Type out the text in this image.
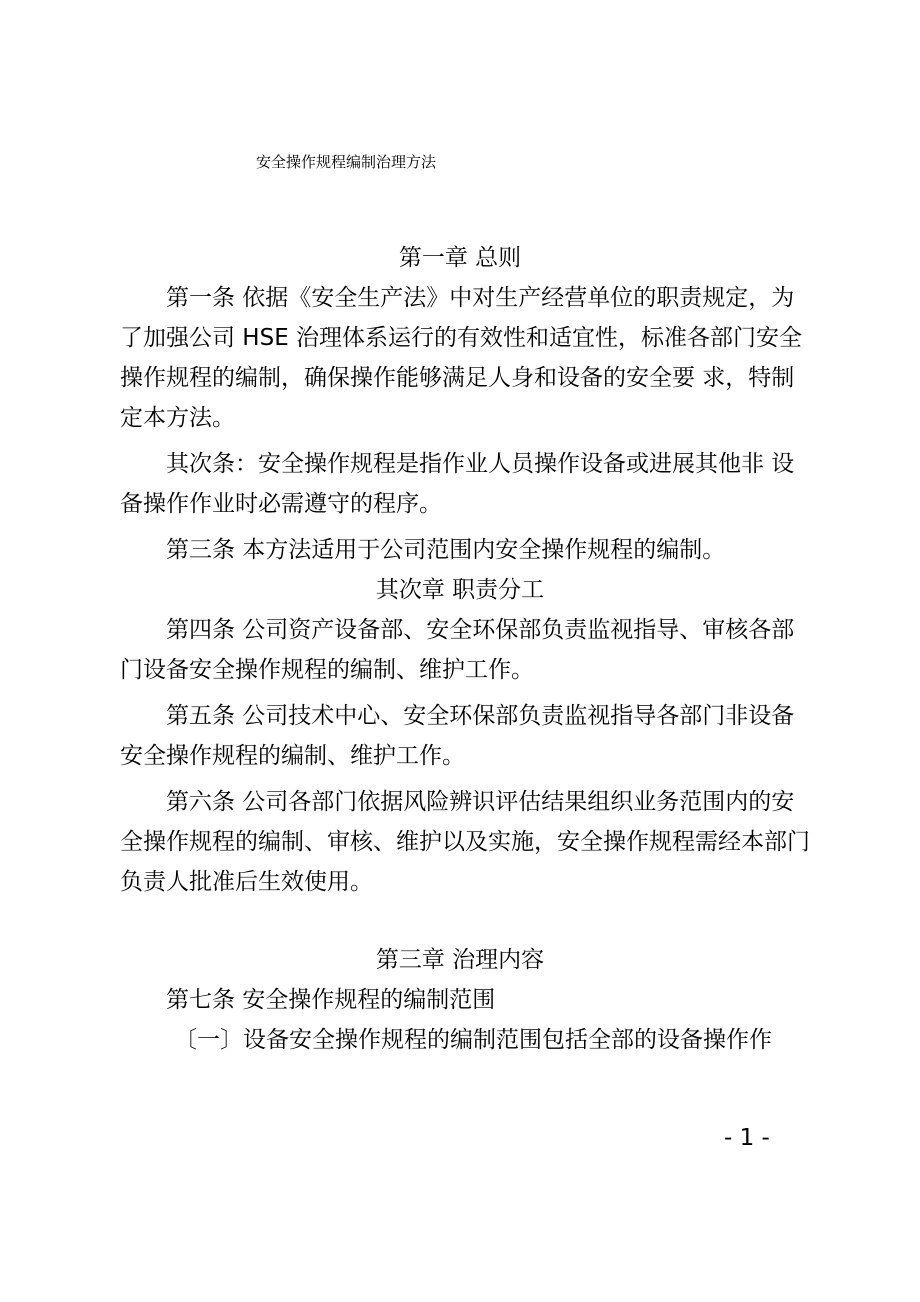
安全操作规程编制治理方法

第一章 总则

第一条 依据《安全生产法》中对生产经营单位的职责规定，为了加强公司 HSE 治理体系运行的有效性和适宜性，标准各部门安全操作规程的编制，确保操作能够满足人身和设备的安全要 求，特制定本方法。

其次条：安全操作规程是指作业人员操作设备或进展其他非 设备操作作业时必需遵守的程序。

第三条 本方法适用于公司范围内安全操作规程的编制。

其次章 职责分工

第四条 公司资产设备部、安全环保部负责监视指导、审核各部门设备安全操作规程的编制、维护工作。

第五条 公司技术中心、安全环保部负责监视指导各部门非设备安全操作规程的编制、维护工作。

第六条 公司各部门依据风险辨识评估结果组织业务范围内的安全操作规程的编制、审核、维护以及实施，安全操作规程需经本部门负责人批准后生效使用。

第三章 治理内容

第七条 安全操作规程的编制范围

〔一〕设备安全操作规程的编制范围包括全部的设备操作作

- 1 -
